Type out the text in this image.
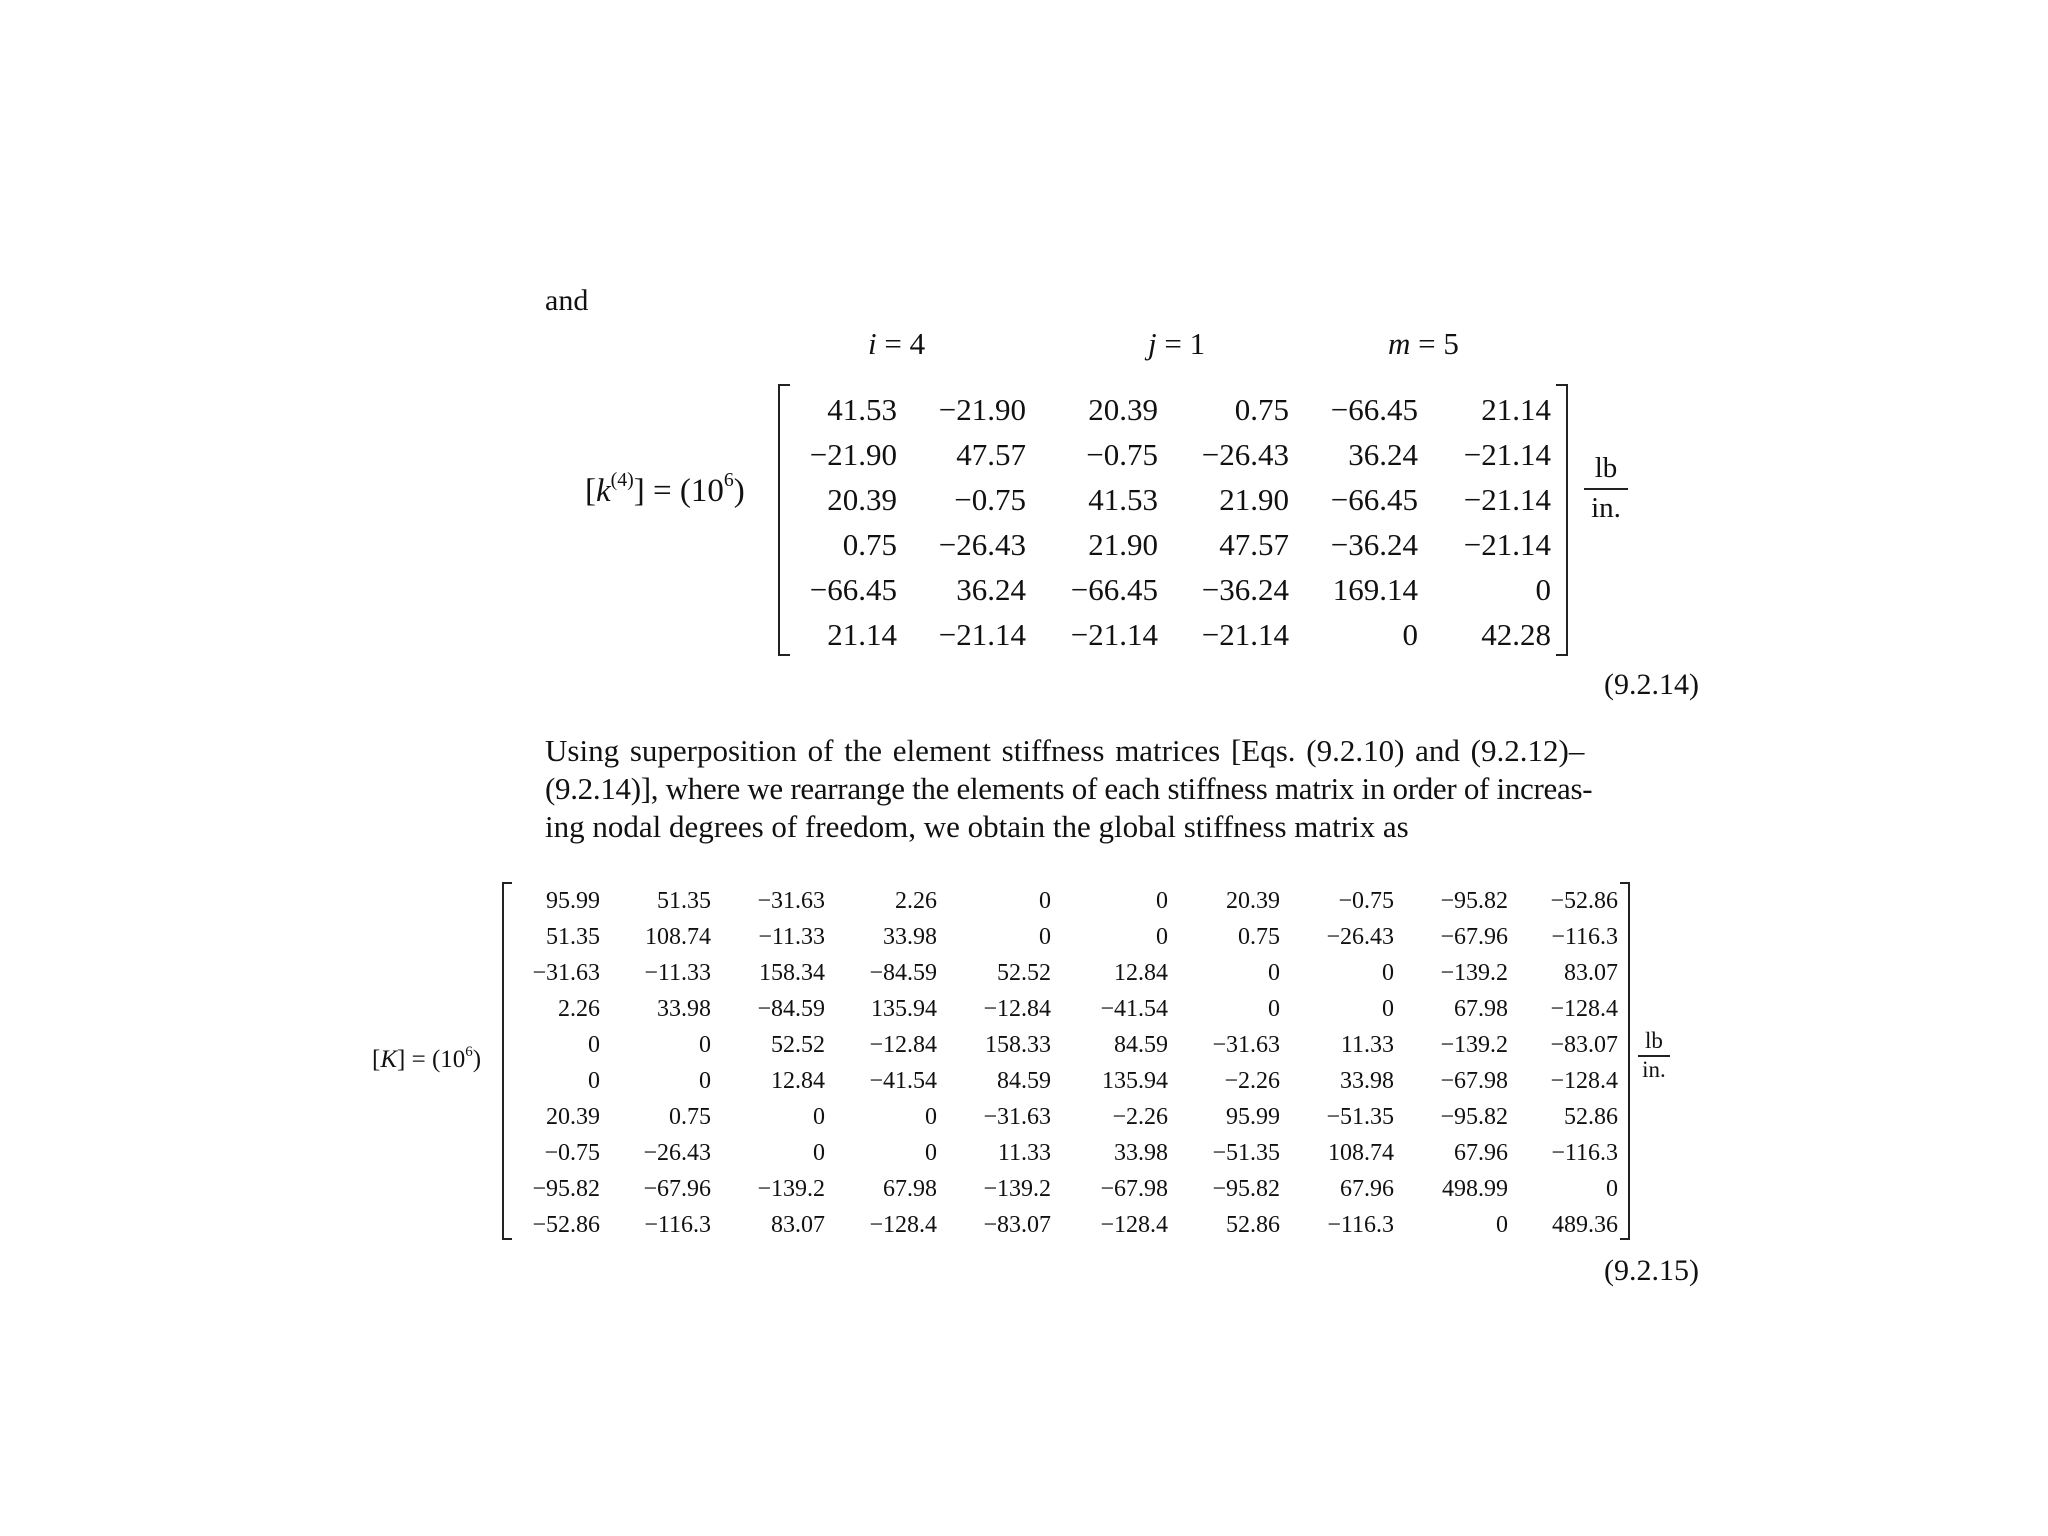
and
i = 4	j = 1	m = 5
$[k^{(4)}] = (10^6)$
41.53	−21.90	20.39	0.75	−66.45	21.14
−21.90	47.57	−0.75	−26.43	36.24	−21.14
20.39	−0.75	41.53	21.90	−66.45	−21.14
0.75	−26.43	21.90	47.57	−36.24	−21.14
−66.45	36.24	−66.45	−36.24	169.14	0
21.14	−21.14	−21.14	−21.14	0	42.28
lb
in.
(9.2.14)
Using superposition of the element stiffness matrices [Eqs. (9.2.10) and (9.2.12)–
(9.2.14)], where we rearrange the elements of each stiffness matrix in order of increas-
ing nodal degrees of freedom, we obtain the global stiffness matrix as
$[K] = (10^6)$
95.99	51.35	−31.63	2.26	0	0	20.39	−0.75	−95.82	−52.86
51.35	108.74	−11.33	33.98	0	0	0.75	−26.43	−67.96	−116.3
−31.63	−11.33	158.34	−84.59	52.52	12.84	0	0	−139.2	83.07
2.26	33.98	−84.59	135.94	−12.84	−41.54	0	0	67.98	−128.4
0	0	52.52	−12.84	158.33	84.59	−31.63	11.33	−139.2	−83.07
0	0	12.84	−41.54	84.59	135.94	−2.26	33.98	−67.98	−128.4
20.39	0.75	0	0	−31.63	−2.26	95.99	−51.35	−95.82	52.86
−0.75	−26.43	0	0	11.33	33.98	−51.35	108.74	67.96	−116.3
−95.82	−67.96	−139.2	67.98	−139.2	−67.98	−95.82	67.96	498.99	0
−52.86	−116.3	83.07	−128.4	−83.07	−128.4	52.86	−116.3	0	489.36
lb
in.
(9.2.15)
